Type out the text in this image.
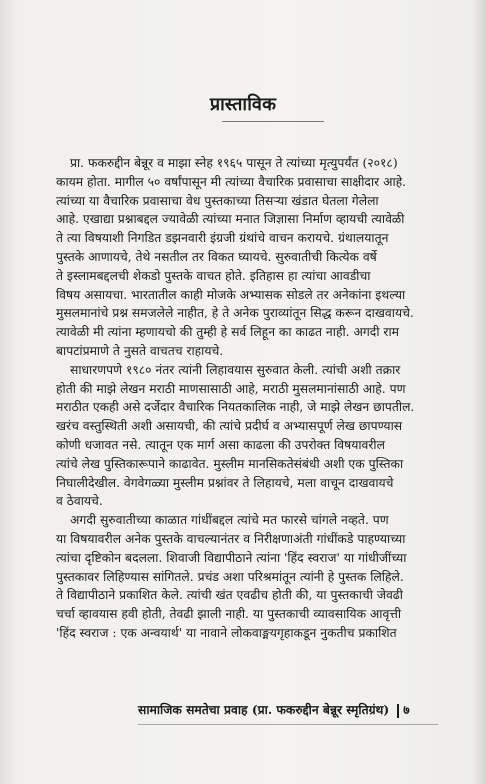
प्रास्ताविक
प्रा. फकरुद्दीन बेन्नूर व माझा स्नेह १९६५ पासून ते त्यांच्या मृत्युपर्यंत (२०१८)
कायम होता. मागील ५० वर्षांपासून मी त्यांच्या वैचारिक प्रवासाचा साक्षीदार आहे.
त्यांच्या या वैचारिक प्रवासाचा वेध पुस्तकाच्या तिसऱ्या खंडात घेतला गेलेला
आहे. एखाद्या प्रश्नाबद्दल ज्यावेळी त्यांच्या मनात जिज्ञासा निर्माण व्हायची त्यावेळी
ते त्या विषयाशी निगडित डझनवारी इंग्रजी ग्रंथांचे वाचन करायचे. ग्रंथालयातून
पुस्तके आणायचे, तेथे नसतील तर विकत घ्यायचे. सुरुवातीची कित्येक वर्षे
ते इस्लामबद्दलची शेकडो पुस्तके वाचत होते. इतिहास हा त्यांचा आवडीचा
विषय असायचा. भारतातील काही मोजके अभ्यासक सोडले तर अनेकांना इथल्या
मुसलमानांचे प्रश्न समजलेले नाहीत, हे ते अनेक पुराव्यांतून सिद्ध करून दाखवायचे.
त्यावेळी मी त्यांना म्हणायचो की तुम्ही हे सर्व लिहून का काढत नाही. अगदी राम
बापटांप्रमाणे ते नुसते वाचतच राहायचे.
साधारणपणे १९८० नंतर त्यांनी लिहावयास सुरुवात केली. त्यांची अशी तक्रार
होती की माझे लेखन मराठी माणसासाठी आहे, मराठी मुसलमानांसाठी आहे. पण
मराठीत एकही असे दर्जेदार वैचारिक नियतकालिक नाही, जे माझे लेखन छापतील.
खरंच वस्तुस्थिती अशी असायची, की त्यांचे प्रदीर्घ व अभ्यासपूर्ण लेख छापण्यास
कोणी धजावत नसे. त्यातून एक मार्ग असा काढला की उपरोक्त विषयावरील
त्यांचे लेख पुस्तिकारूपाने काढावेत. मुस्लीम मानसिकतेसंबंधी अशी एक पुस्तिका
निघालीदेखील. वेगवेगळ्या मुस्लीम प्रश्नांवर ते लिहायचे, मला वाचून दाखवायचे
व ठेवायचे.
अगदी सुरुवातीच्या काळात गांधींबद्दल त्यांचे मत फारसे चांगले नव्हते. पण
या विषयावरील अनेक पुस्तके वाचल्यानंतर व निरीक्षणाअंती गांधींकडे पाहण्याच्या
त्यांचा दृष्टिकोन बदलला. शिवाजी विद्यापीठाने त्यांना 'हिंद स्वराज' या गांधीजींच्या
पुस्तकावर लिहिण्यास सांगितले. प्रचंड अशा परिश्रमांतून त्यांनी हे पुस्तक लिहिले.
ते विद्यापीठाने प्रकाशित केले. त्यांची खंत एवढीच होती की, या पुस्तकाची जेवढी
चर्चा व्हावयास हवी होती, तेवढी झाली नाही. या पुस्तकाची व्यावसायिक आवृत्ती
'हिंद स्वराज : एक अन्वयार्थ' या नावाने लोकवाङ्मयगृहाकडून नुकतीच प्रकाशित
सामाजिक समतेचा प्रवाह (प्रा. फकरुद्दीन बेन्नूर स्मृतिग्रंथ) ७
